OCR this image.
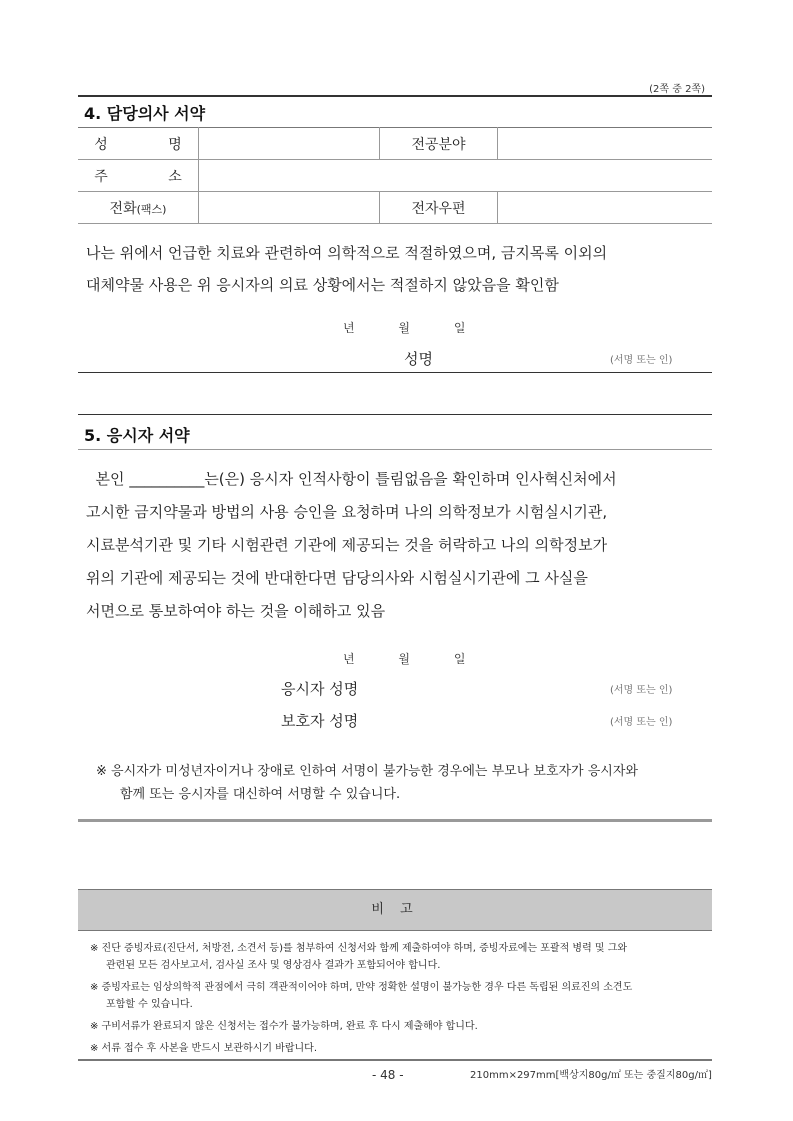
(2쪽 중 2쪽)
4. 담당의사 서약
성 명		전공분야	
주 소			
전화(팩스)		전자우편	
나는 위에서 언급한 치료와 관련하여 의학적으로 적절하였으며, 금지목록 이외의
대체약물 사용은 위 응시자의 의료 상황에서는 적절하지 않았음을 확인함
년	월	일
성명	(서명 또는 인)
5. 응시자 서약
본인 __________는(은) 응시자 인적사항이 틀림없음을 확인하며 인사혁신처에서
고시한 금지약물과 방법의 사용 승인을 요청하며 나의 의학정보가 시험실시기관,
시료분석기관 및 기타 시험관련 기관에 제공되는 것을 허락하고 나의 의학정보가
위의 기관에 제공되는 것에 반대한다면 담당의사와 시험실시기관에 그 사실을
서면으로 통보하여야 하는 것을 이해하고 있음
년	월	일
응시자 성명	(서명 또는 인)
보호자 성명	(서명 또는 인)
※ 응시자가 미성년자이거나 장애로 인하여 서명이 불가능한 경우에는 부모나 보호자가 응시자와
함께 또는 응시자를 대신하여 서명할 수 있습니다.
비 고
※ 진단 증빙자료(진단서, 처방전, 소견서 등)를 첨부하여 신청서와 함께 제출하여야 하며, 증빙자료에는 포괄적 병력 및 그와
관련된 모든 검사보고서, 검사실 조사 및 영상검사 결과가 포함되어야 합니다.
※ 증빙자료는 임상의학적 관점에서 극히 객관적이어야 하며, 만약 정확한 설명이 불가능한 경우 다른 독립된 의료진의 소견도
포함할 수 있습니다.
※ 구비서류가 완료되지 않은 신청서는 접수가 불가능하며, 완료 후 다시 제출해야 합니다.
※ 서류 접수 후 사본을 반드시 보관하시기 바랍니다.
- 48 -	210mm×297mm[백상지80g/㎡ 또는 중질지80g/㎡]
